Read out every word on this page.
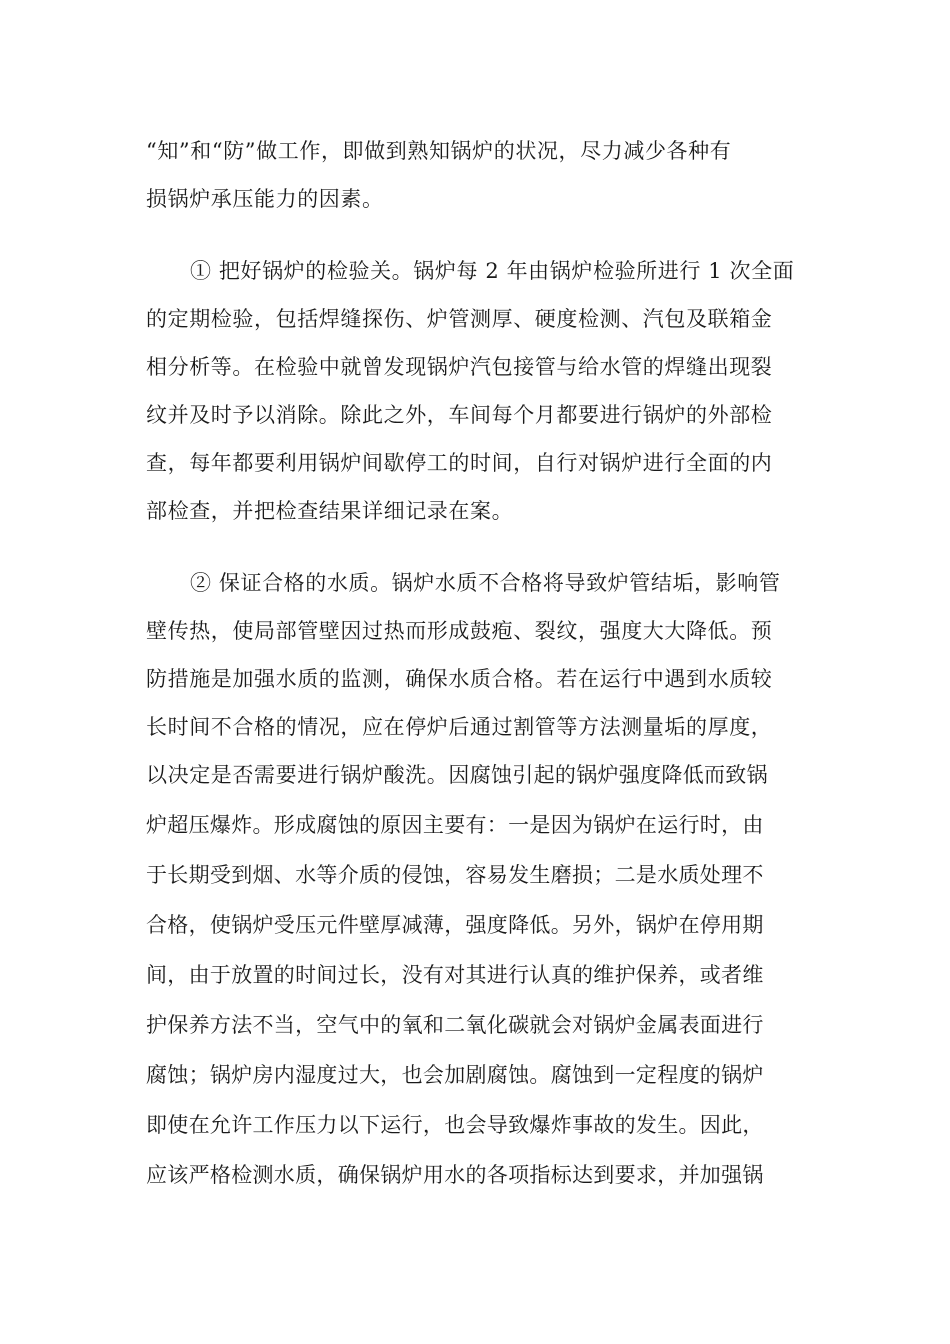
“知”和“防”做工作，即做到熟知锅炉的状况，尽力减少各种有
损锅炉承压能力的因素。
① 把好锅炉的检验关。锅炉每 2 年由锅炉检验所进行 1 次全面
的定期检验，包括焊缝探伤、炉管测厚、硬度检测、汽包及联箱金
相分析等。在检验中就曾发现锅炉汽包接管与给水管的焊缝出现裂
纹并及时予以消除。除此之外，车间每个月都要进行锅炉的外部检
查，每年都要利用锅炉间歇停工的时间，自行对锅炉进行全面的内
部检查，并把检查结果详细记录在案。
② 保证合格的水质。锅炉水质不合格将导致炉管结垢，影响管
壁传热，使局部管壁因过热而形成鼓疱、裂纹，强度大大降低。预
防措施是加强水质的监测，确保水质合格。若在运行中遇到水质较
长时间不合格的情况，应在停炉后通过割管等方法测量垢的厚度，
以决定是否需要进行锅炉酸洗。因腐蚀引起的锅炉强度降低而致锅
炉超压爆炸。形成腐蚀的原因主要有：一是因为锅炉在运行时，由
于长期受到烟、水等介质的侵蚀，容易发生磨损；二是水质处理不
合格，使锅炉受压元件壁厚减薄，强度降低。另外，锅炉在停用期
间，由于放置的时间过长，没有对其进行认真的维护保养，或者维
护保养方法不当，空气中的氧和二氧化碳就会对锅炉金属表面进行
腐蚀；锅炉房内湿度过大，也会加剧腐蚀。腐蚀到一定程度的锅炉
即使在允许工作压力以下运行，也会导致爆炸事故的发生。因此，
应该严格检测水质，确保锅炉用水的各项指标达到要求，并加强锅
